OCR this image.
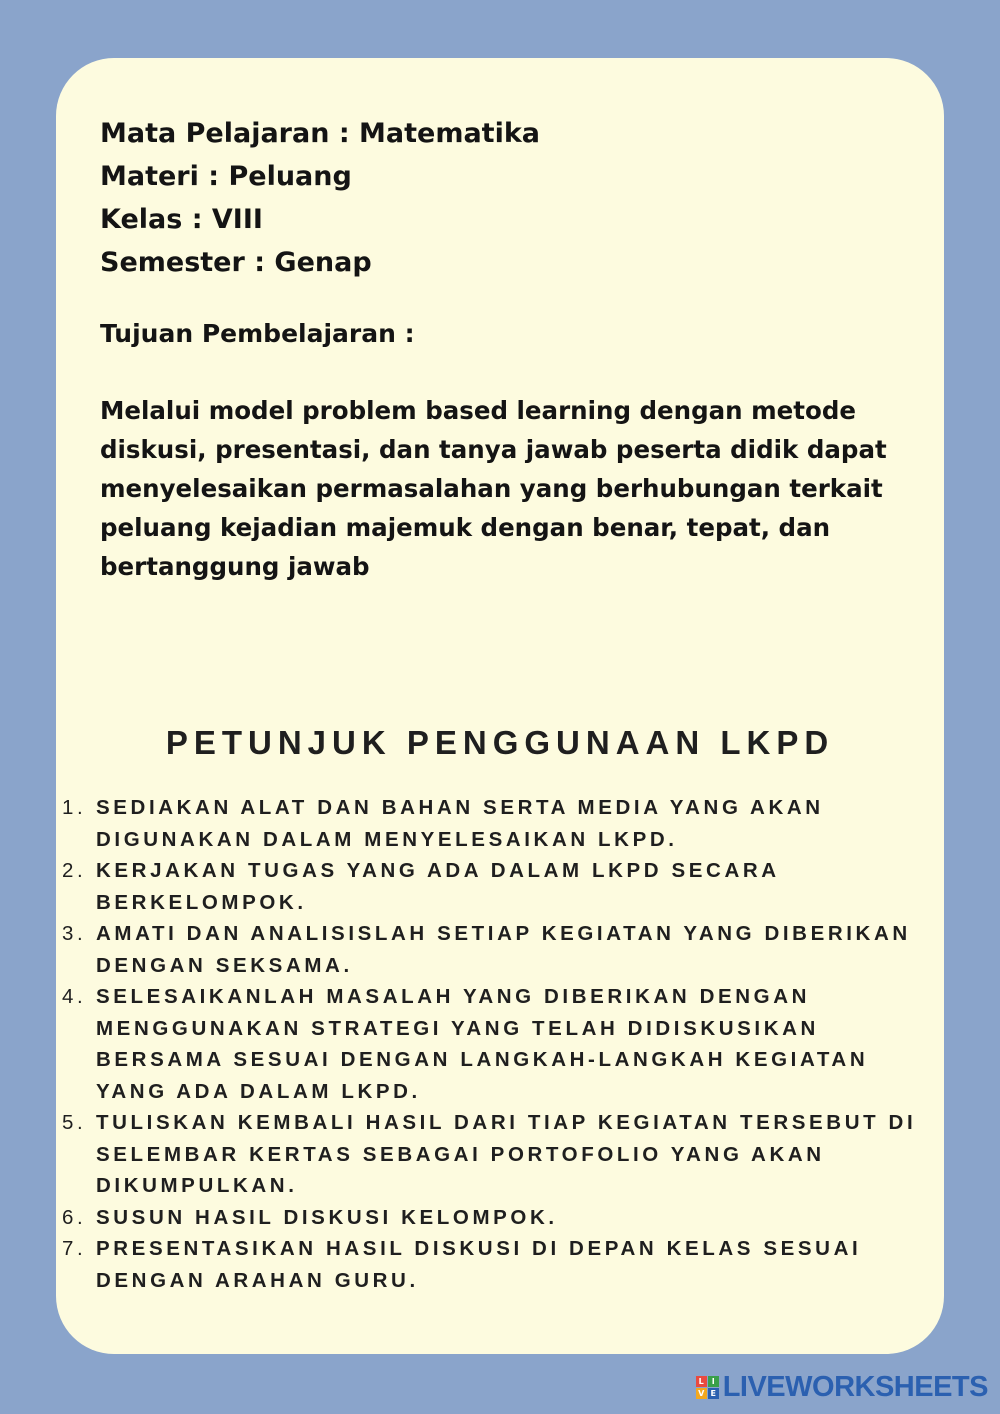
Mata Pelajaran : Matematika
Materi : Peluang
Kelas : VIII
Semester : Genap
Tujuan Pembelajaran :
Melalui model problem based learning dengan metode diskusi, presentasi, dan tanya jawab peserta didik dapat menyelesaikan permasalahan yang berhubungan terkait peluang kejadian majemuk dengan benar, tepat, dan bertanggung jawab
PETUNJUK PENGGUNAAN LKPD
1. SEDIAKAN ALAT DAN BAHAN SERTA MEDIA YANG AKAN DIGUNAKAN DALAM MENYELESAIKAN LKPD.
2. KERJAKAN TUGAS YANG ADA DALAM LKPD SECARA BERKELOMPOK.
3. AMATI DAN ANALISISLAH SETIAP KEGIATAN YANG DIBERIKAN DENGAN SEKSAMA.
4. SELESAIKANLAH MASALAH YANG DIBERIKAN DENGAN MENGGUNAKAN STRATEGI YANG TELAH DIDISKUSIKAN BERSAMA SESUAI DENGAN LANGKAH-LANGKAH KEGIATAN YANG ADA DALAM LKPD.
5. TULISKAN KEMBALI HASIL DARI TIAP KEGIATAN TERSEBUT DI SELEMBAR KERTAS SEBAGAI PORTOFOLIO YANG AKAN DIKUMPULKAN.
6. SUSUN HASIL DISKUSI KELOMPOK.
7. PRESENTASIKAN HASIL DISKUSI DI DEPAN KELAS SESUAI DENGAN ARAHAN GURU.
L I
V E LIVEWORKSHEETS
